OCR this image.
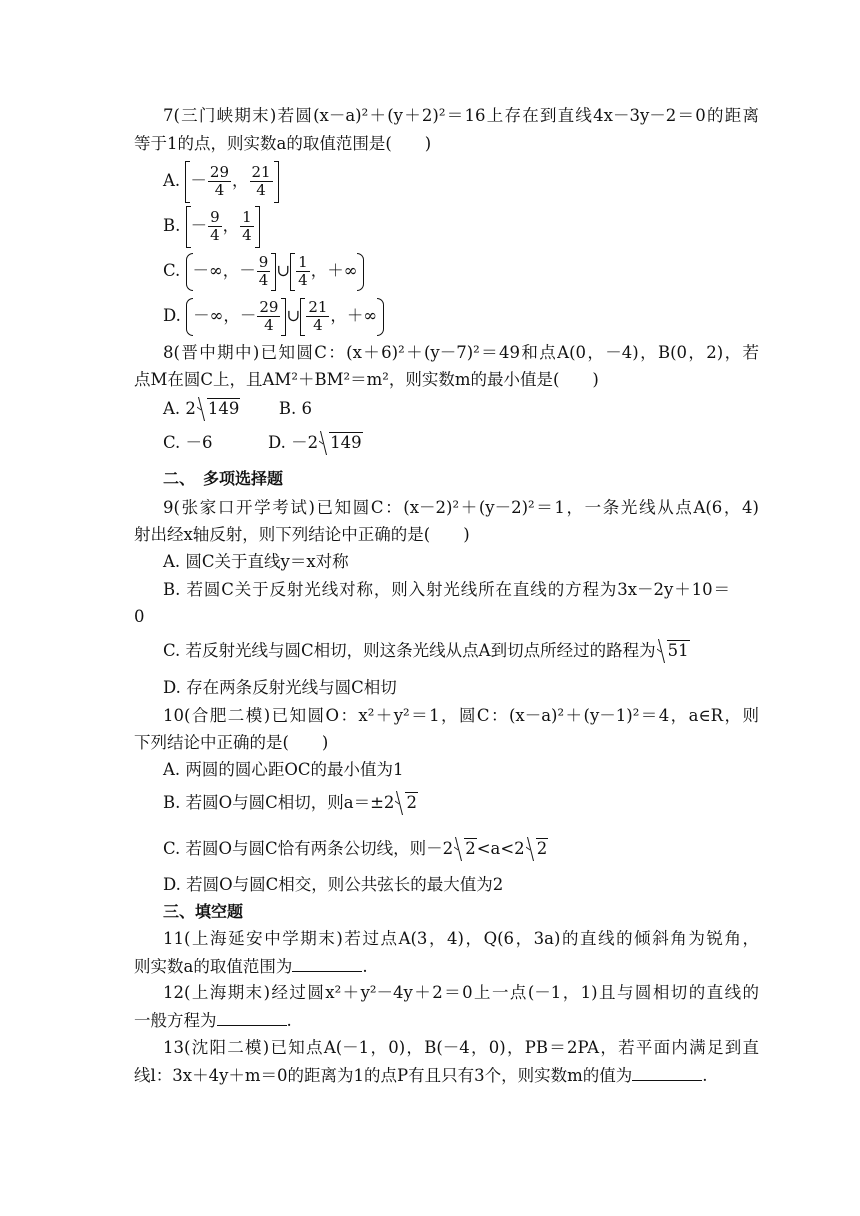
7(三门峡期末)若圆(x－a)²＋(y＋2)²＝16上存在到直线4x－3y－2＝0的距离
等于1的点，则实数a的取值范围是(　　)
A. － $\frac{29}{4}$ ， $\frac{21}{4}$
B. － $\frac{9}{4}$ ， $\frac{1}{4}$
C. －∞，－ $\frac{9}{4}$ ∪ $\frac{1}{4}$ ，＋∞
D. －∞，－ $\frac{29}{4}$ ∪ $\frac{21}{4}$ ，＋∞
8(晋中期中)已知圆C：(x＋6)²＋(y－7)²＝49和点A(0，－4)，B(0，2)，若
点M在圆C上，且AM²＋BM²＝m²，则实数m的最小值是(　　)
A. 2 149 B. 6
C. －6	D. －2 149
二、　多项选择题
9(张家口开学考试)已知圆C：(x－2)²＋(y－2)²＝1，一条光线从点A(6，4)
射出经x轴反射，则下列结论中正确的是(　　)
A. 圆C关于直线y＝x对称
B. 若圆C关于反射光线对称，则入射光线所在直线的方程为3x－2y＋10＝
0
C. 若反射光线与圆C相切，则这条光线从点A到切点所经过的路程为 51
D. 存在两条反射光线与圆C相切
10(合肥二模)已知圆O：x²＋y²＝1，圆C：(x－a)²＋(y－1)²＝4，a∈R，则
下列结论中正确的是(　　)
A. 两圆的圆心距OC的最小值为1
B. 若圆O与圆C相切，则a＝±2 2
C. 若圆O与圆C恰有两条公切线，则－2 2<a<2 2
D. 若圆O与圆C相交，则公共弦长的最大值为2
三、填空题
11(上海延安中学期末)若过点A(3，4)，Q(6，3a)的直线的倾斜角为锐角，
则实数a的取值范围为	.
12(上海期末)经过圆x²＋y²－4y＋2＝0上一点(－1，1)且与圆相切的直线的
一般方程为	.
13(沈阳二模)已知点A(－1，0)，B(－4，0)，PB＝2PA，若平面内满足到直
线l：3x＋4y＋m＝0的距离为1的点P有且只有3个，则实数m的值为	.
